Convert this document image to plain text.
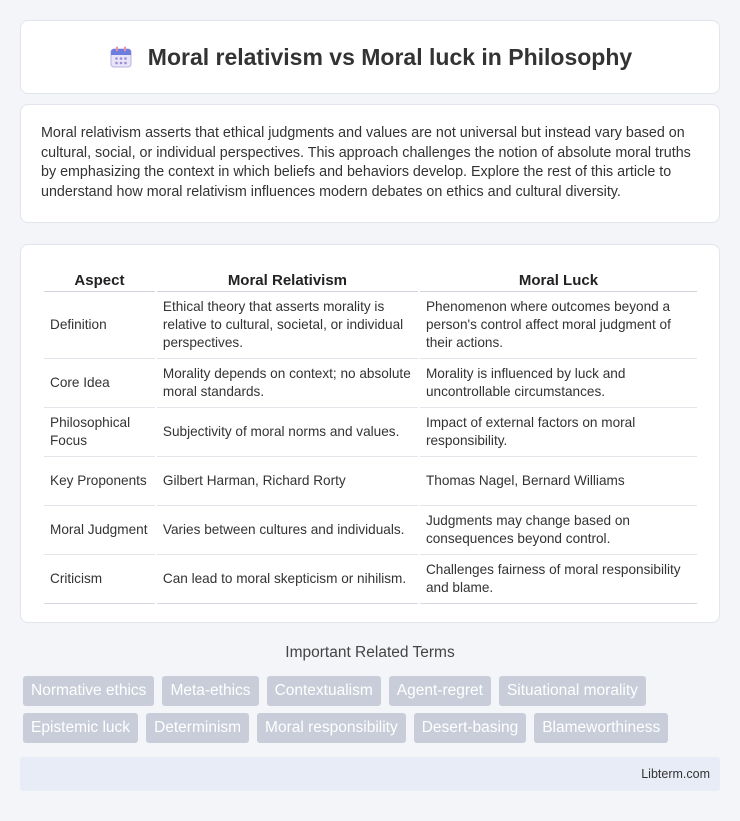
Moral relativism vs Moral luck in Philosophy

Moral relativism asserts that ethical judgments and values are not universal but instead vary based on cultural, social, or individual perspectives. This approach challenges the notion of absolute moral truths by emphasizing the context in which beliefs and behaviors develop. Explore the rest of this article to understand how moral relativism influences modern debates on ethics and cultural diversity.

Aspect	Moral Relativism	Moral Luck
Definition	Ethical theory that asserts morality is relative to cultural, societal, or individual perspectives.	Phenomenon where outcomes beyond a person's control affect moral judgment of their actions.
Core Idea	Morality depends on context; no absolute moral standards.	Morality is influenced by luck and uncontrollable circumstances.
Philosophical Focus	Subjectivity of moral norms and values.	Impact of external factors on moral responsibility.
Key Proponents	Gilbert Harman, Richard Rorty	Thomas Nagel, Bernard Williams
Moral Judgment	Varies between cultures and individuals.	Judgments may change based on consequences beyond control.
Criticism	Can lead to moral skepticism or nihilism.	Challenges fairness of moral responsibility and blame.
Important Related Terms
Normative ethics	Meta-ethics	Contextualism	Agent-regret	Situational morality
Epistemic luck	Determinism	Moral responsibility	Desert-basing	Blameworthiness
Libterm.com
